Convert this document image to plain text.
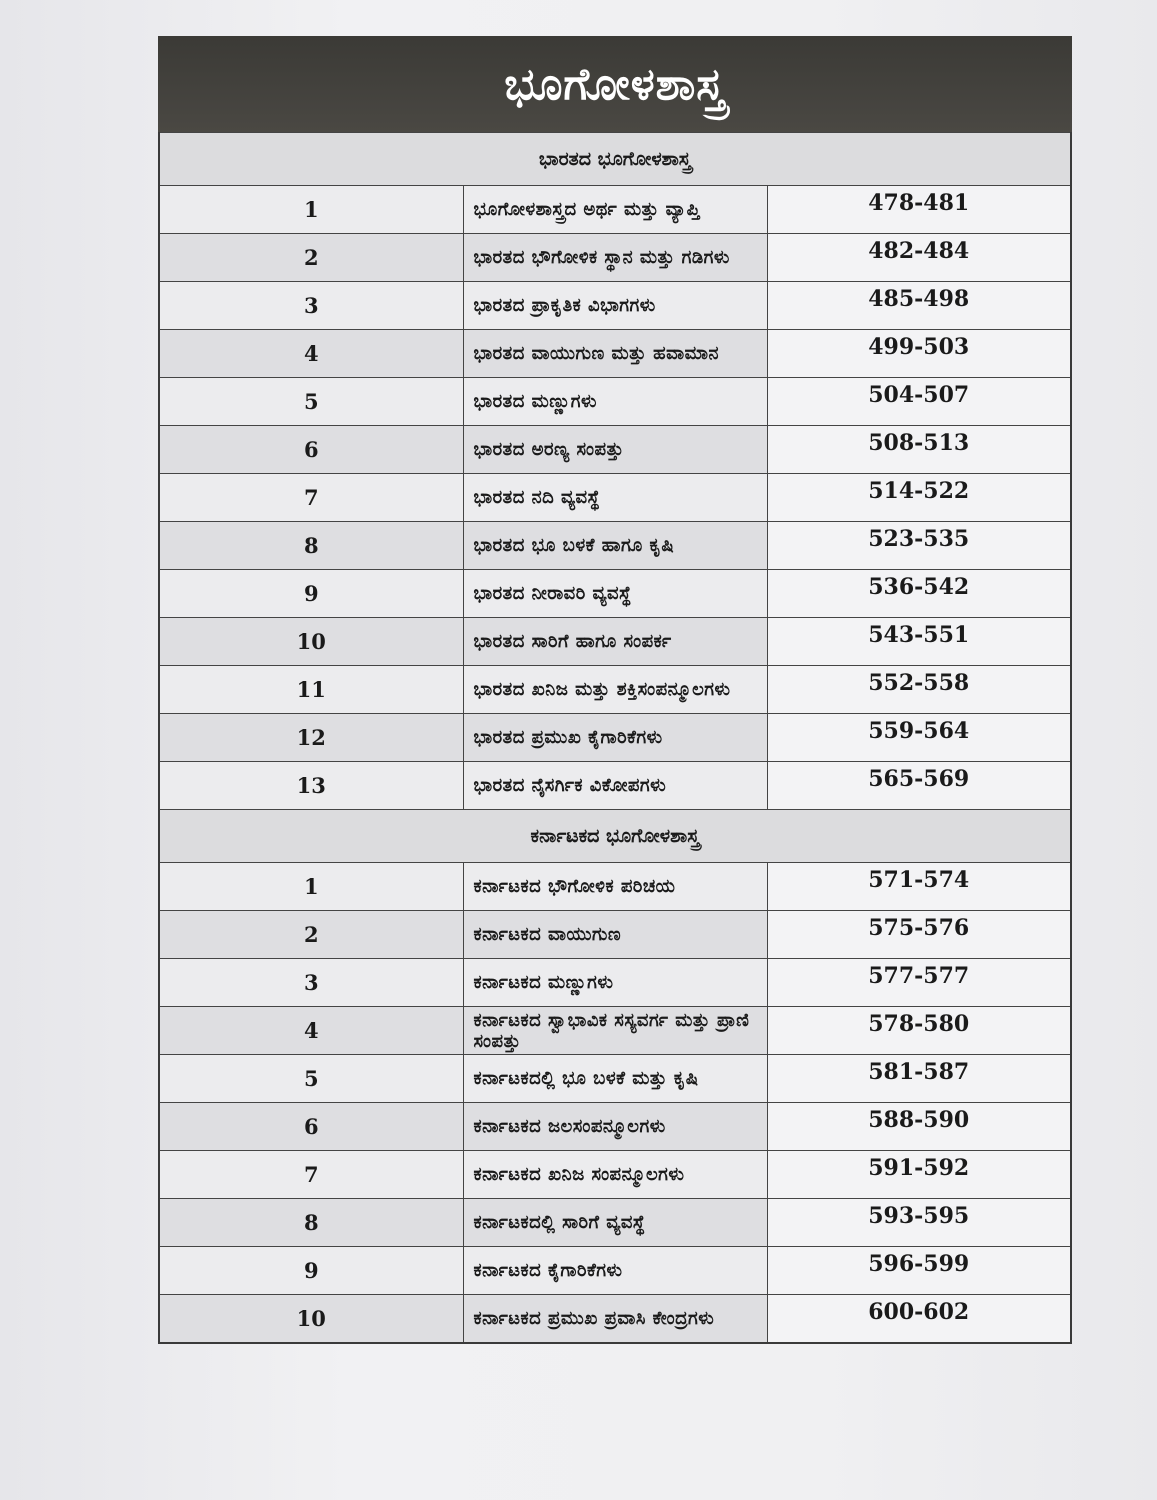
ಭೂಗೋಳಶಾಸ್ತ್ರ
ಭಾರತದ ಭೂಗೋಳಶಾಸ್ತ್ರ		
1	ಭೂಗೋಳಶಾಸ್ತ್ರದ ಅರ್ಥ ಮತ್ತು ವ್ಯಾಪ್ತಿ	478-481
2	ಭಾರತದ ಭೌಗೋಳಿಕ ಸ್ಥಾನ ಮತ್ತು ಗಡಿಗಳು	482-484
3	ಭಾರತದ ಪ್ರಾಕೃತಿಕ ವಿಭಾಗಗಳು	485-498
4	ಭಾರತದ ವಾಯುಗುಣ ಮತ್ತು ಹವಾಮಾನ	499-503
5	ಭಾರತದ ಮಣ್ಣುಗಳು	504-507
6	ಭಾರತದ ಅರಣ್ಯ ಸಂಪತ್ತು	508-513
7	ಭಾರತದ ನದಿ ವ್ಯವಸ್ಥೆ	514-522
8	ಭಾರತದ ಭೂ ಬಳಕೆ ಹಾಗೂ ಕೃಷಿ	523-535
9	ಭಾರತದ ನೀರಾವರಿ ವ್ಯವಸ್ಥೆ	536-542
10	ಭಾರತದ ಸಾರಿಗೆ ಹಾಗೂ ಸಂಪರ್ಕ	543-551
11	ಭಾರತದ ಖನಿಜ ಮತ್ತು ಶಕ್ತಿಸಂಪನ್ಮೂಲಗಳು	552-558
12	ಭಾರತದ ಪ್ರಮುಖ ಕೈಗಾರಿಕೆಗಳು	559-564
13	ಭಾರತದ ನೈಸರ್ಗಿಕ ವಿಕೋಪಗಳು	565-569
ಕರ್ನಾಟಕದ ಭೂಗೋಳಶಾಸ್ತ್ರ		
1	ಕರ್ನಾಟಕದ ಭೌಗೋಳಿಕ ಪರಿಚಯ	571-574
2	ಕರ್ನಾಟಕದ ವಾಯುಗುಣ	575-576
3	ಕರ್ನಾಟಕದ ಮಣ್ಣುಗಳು	577-577
4	ಕರ್ನಾಟಕದ ಸ್ವಾಭಾವಿಕ ಸಸ್ಯವರ್ಗ ಮತ್ತು ಪ್ರಾಣಿ ಸಂಪತ್ತು	578-580
5	ಕರ್ನಾಟಕದಲ್ಲಿ ಭೂ ಬಳಕೆ ಮತ್ತು ಕೃಷಿ	581-587
6	ಕರ್ನಾಟಕದ ಜಲಸಂಪನ್ಮೂಲಗಳು	588-590
7	ಕರ್ನಾಟಕದ ಖನಿಜ ಸಂಪನ್ಮೂಲಗಳು	591-592
8	ಕರ್ನಾಟಕದಲ್ಲಿ ಸಾರಿಗೆ ವ್ಯವಸ್ಥೆ	593-595
9	ಕರ್ನಾಟಕದ ಕೈಗಾರಿಕೆಗಳು	596-599
10	ಕರ್ನಾಟಕದ ಪ್ರಮುಖ ಪ್ರವಾಸಿ ಕೇಂದ್ರಗಳು	600-602
